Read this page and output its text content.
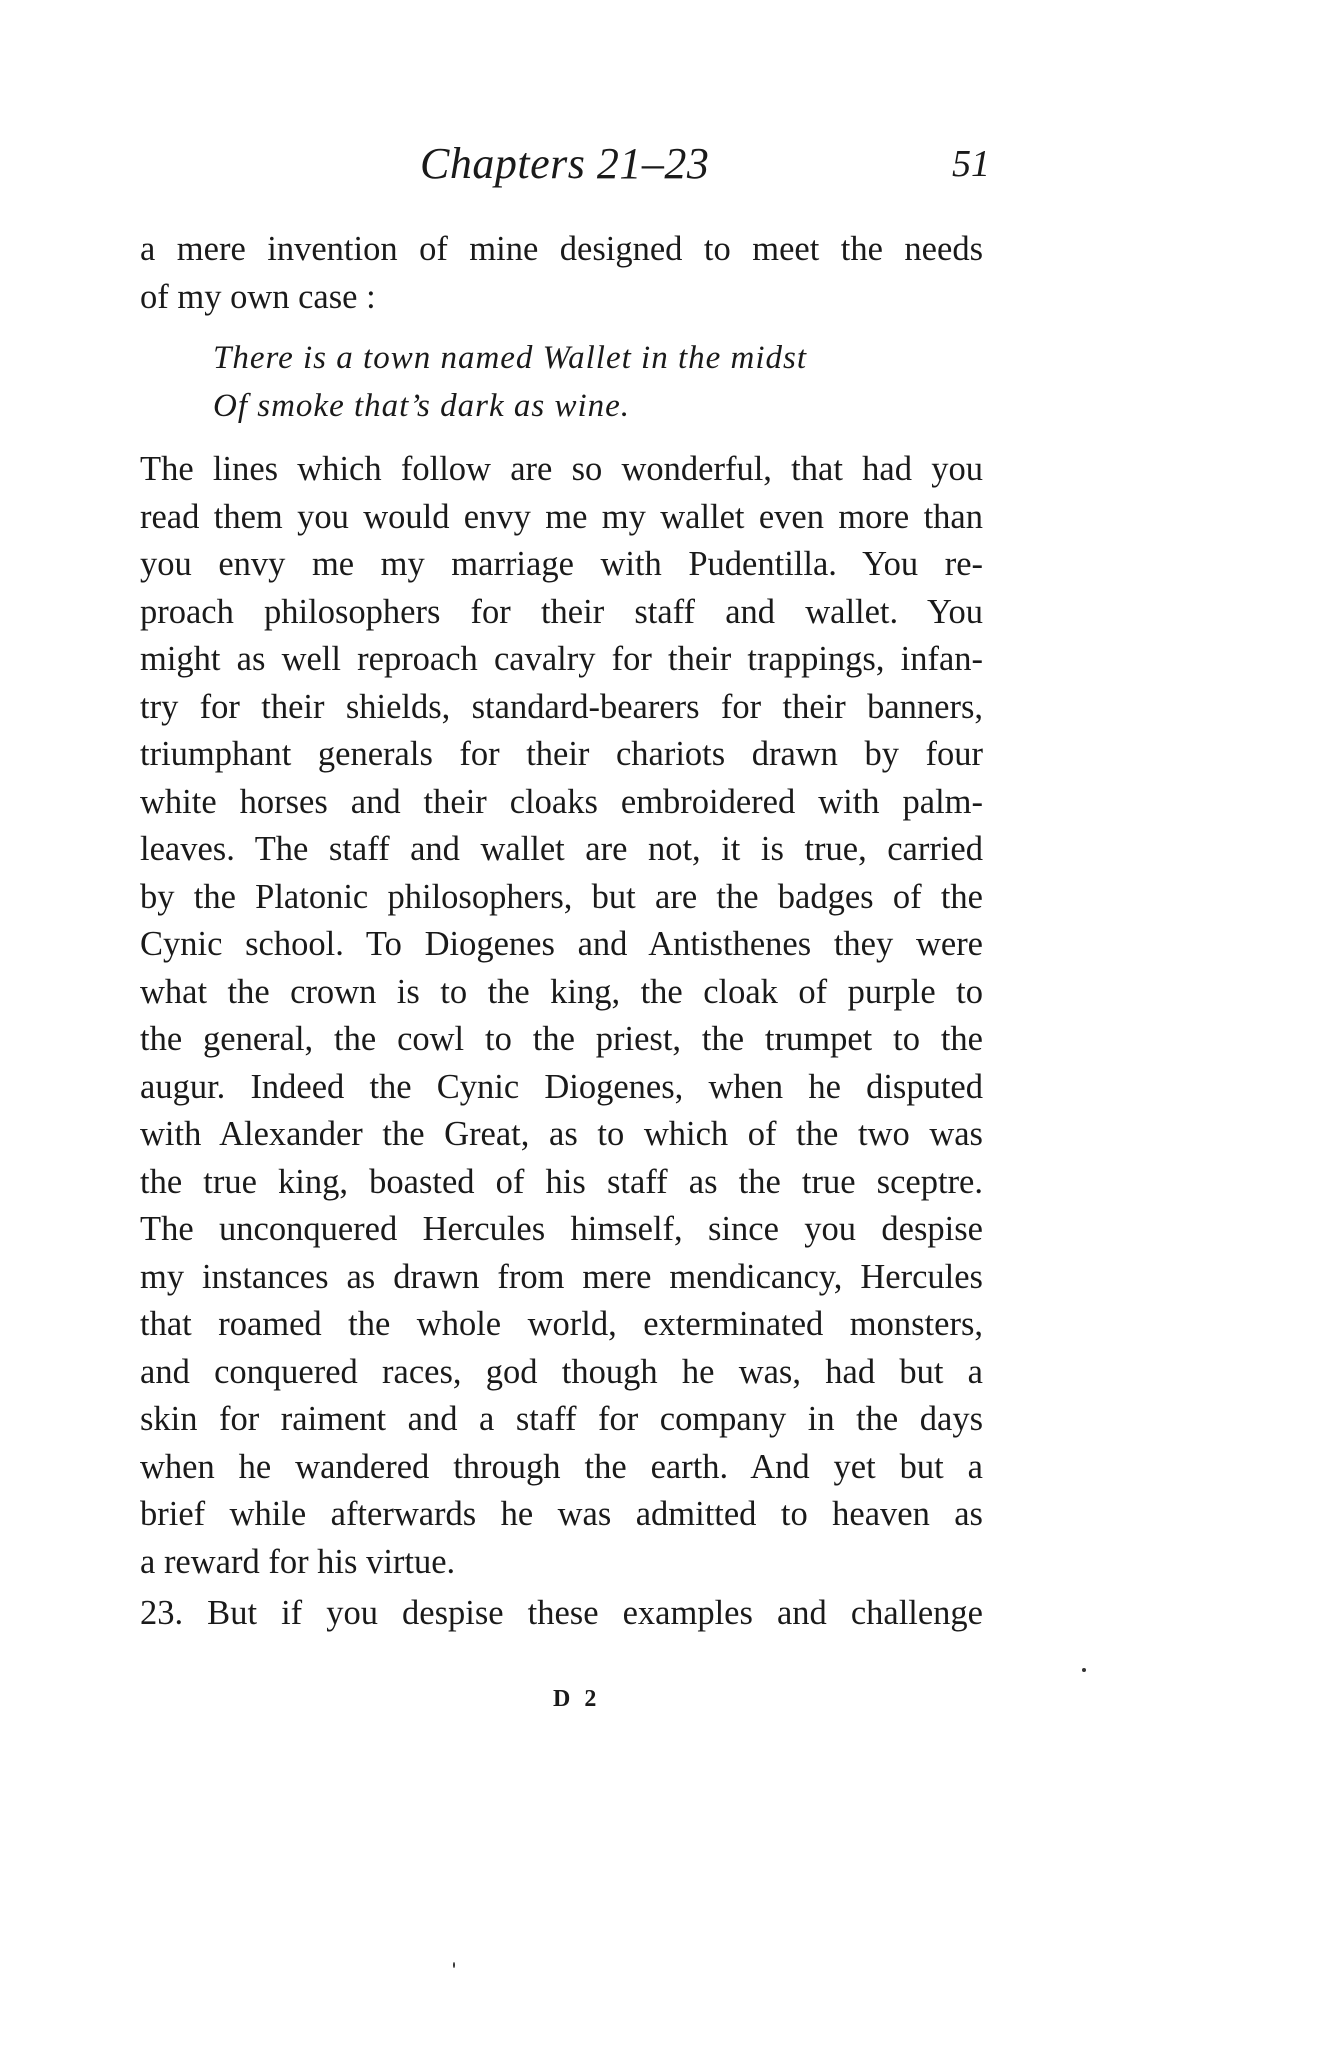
Chapters 21–23	51
a mere invention of mine designed to meet the needs
of my own case :
There is a town named Wallet in the midst
Of smoke that’s dark as wine.
The lines which follow are so wonderful, that had you
read them you would envy me my wallet even more than
you envy me my marriage with Pudentilla. You re-
proach philosophers for their staff and wallet. You
might as well reproach cavalry for their trappings, infan-
try for their shields, standard-bearers for their banners,
triumphant generals for their chariots drawn by four
white horses and their cloaks embroidered with palm-
leaves. The staff and wallet are not, it is true, carried
by the Platonic philosophers, but are the badges of the
Cynic school. To Diogenes and Antisthenes they were
what the crown is to the king, the cloak of purple to
the general, the cowl to the priest, the trumpet to the
augur. Indeed the Cynic Diogenes, when he disputed
with Alexander the Great, as to which of the two was
the true king, boasted of his staff as the true sceptre.
The unconquered Hercules himself, since you despise
my instances as drawn from mere mendicancy, Hercules
that roamed the whole world, exterminated monsters,
and conquered races, god though he was, had but a
skin for raiment and a staff for company in the days
when he wandered through the earth. And yet but a
brief while afterwards he was admitted to heaven as
a reward for his virtue.
23. But if you despise these examples and challenge
D 2
